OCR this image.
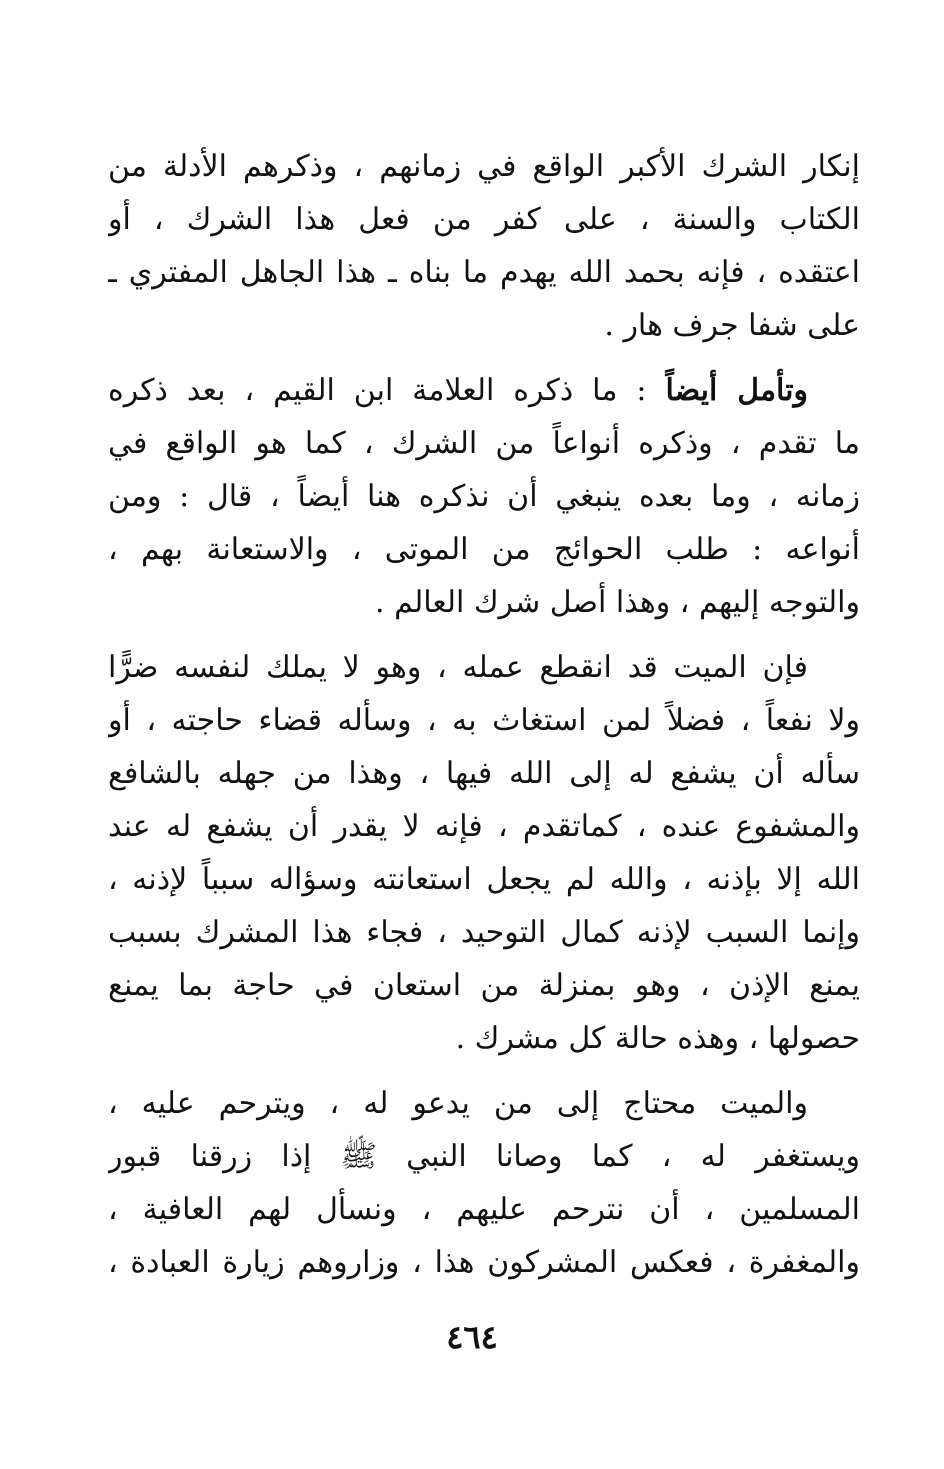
إنكار الشرك الأكبر الواقع في زمانهم ، وذكرهم الأدلة من
الكتاب والسنة ، على كفر من فعل هذا الشرك ، أو
اعتقده ، فإنه بحمد الله يهدم ما بناه ـ هذا الجاهل المفتري ـ
على شفا جرف هار .
وتأمل أيضاً : ما ذكره العلامة ابن القيم ، بعد ذكره
ما تقدم ، وذكره أنواعاً من الشرك ، كما هو الواقع في
زمانه ، وما بعده ينبغي أن نذكره هنا أيضاً ، قال : ومن
أنواعه : طلب الحوائج من الموتى ، والاستعانة بهم ،
والتوجه إليهم ، وهذا أصل شرك العالم .
فإن الميت قد انقطع عمله ، وهو لا يملك لنفسه ضرًّا
ولا نفعاً ، فضلاً لمن استغاث به ، وسأله قضاء حاجته ، أو
سأله أن يشفع له إلى الله فيها ، وهذا من جهله بالشافع
والمشفوع عنده ، كماتقدم ، فإنه لا يقدر أن يشفع له عند
الله إلا بإذنه ، والله لم يجعل استعانته وسؤاله سبباً لإذنه ،
وإنما السبب لإذنه كمال التوحيد ، فجاء هذا المشرك بسبب
يمنع الإذن ، وهو بمنزلة من استعان في حاجة بما يمنع
حصولها ، وهذه حالة كل مشرك .
والميت محتاج إلى من يدعو له ، ويترحم عليه ،
ويستغفر له ، كما وصانا النبي ﷺ إذا زرقنا قبور
المسلمين ، أن نترحم عليهم ، ونسأل لهم العافية ،
والمغفرة ، فعكس المشركون هذا ، وزاروهم زيارة العبادة ،
٤٦٤
